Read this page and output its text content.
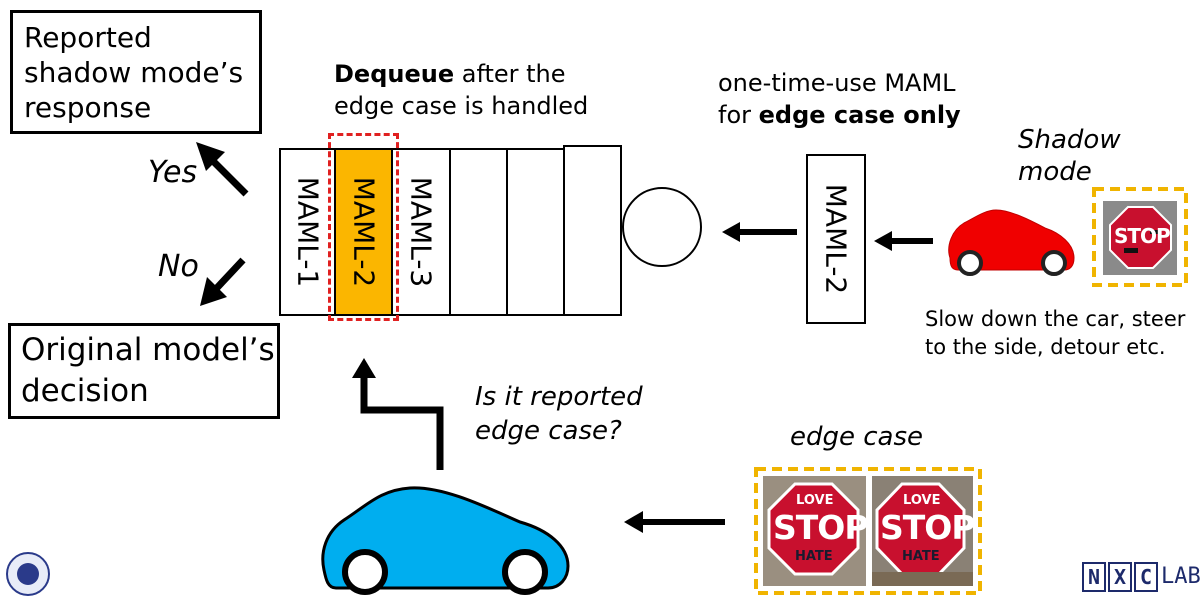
Reported
shadow mode’s
response
Original model’s
decision
Yes
No
Dequeue after the
edge case is handled
MAML-1 MAML-2 MAML-3
one-time-use MAML
for edge case only
MAML-2
Shadow
mode
Slow down the car, steer
to the side, detour etc.
Is it reported
edge case?	edge case
STOP
LOVE
STOP
HATE
LOVE
STOP
HATE
N X C LAB
